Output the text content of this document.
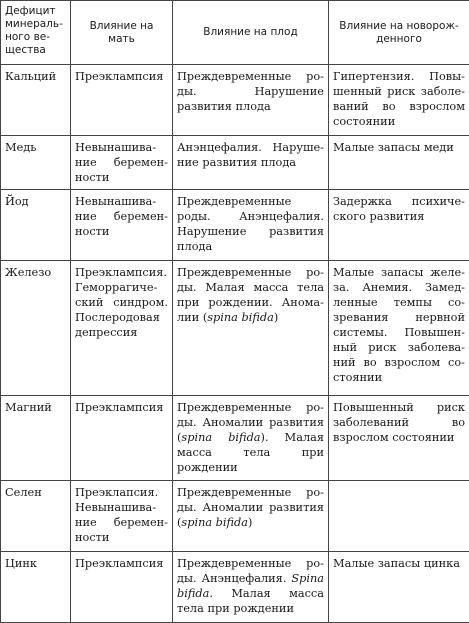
Дефицит минерального вещества	Влияние на мать	Влияние на плод	Влияние на новорожденного
Кальций	Преэклампсия	Преждевременные роды. Нарушение развития плода	Гипертензия. Повышенный риск заболеваний во взрослом состоянии
Медь	Невынашивание беременности	Анэнцефалия. Нарушение развития плода	Малые запасы меди
Йод	Невынашивание беременности	Преждевременные роды. Анэнцефалия. Нарушение развития плода	Задержка психического развития
Железо	Преэклампсия. Геморрагический синдром. Послеродовая депрессия	Преждевременные роды. Малая масса тела при рождении. Аномалии (spina bifida)	Малые запасы железа. Анемия. Замедленные темпы созревания нервной системы. Повышенный риск заболеваний во взрослом состоянии
Магний	Преэклампсия	Преждевременные роды. Аномалии развития (spina bifida). Малая масса тела при рождении	Повышенный риск заболеваний во взрослом состоянии
Селен	Преэклапсия. Невынашивание беременности	Преждевременные роды. Аномалии развития (spina bifida)	
Цинк	Преэклампсия	Преждевременные роды. Анэнцефалия. Spina bifida. Малая масса тела при рождении	Малые запасы цинка
